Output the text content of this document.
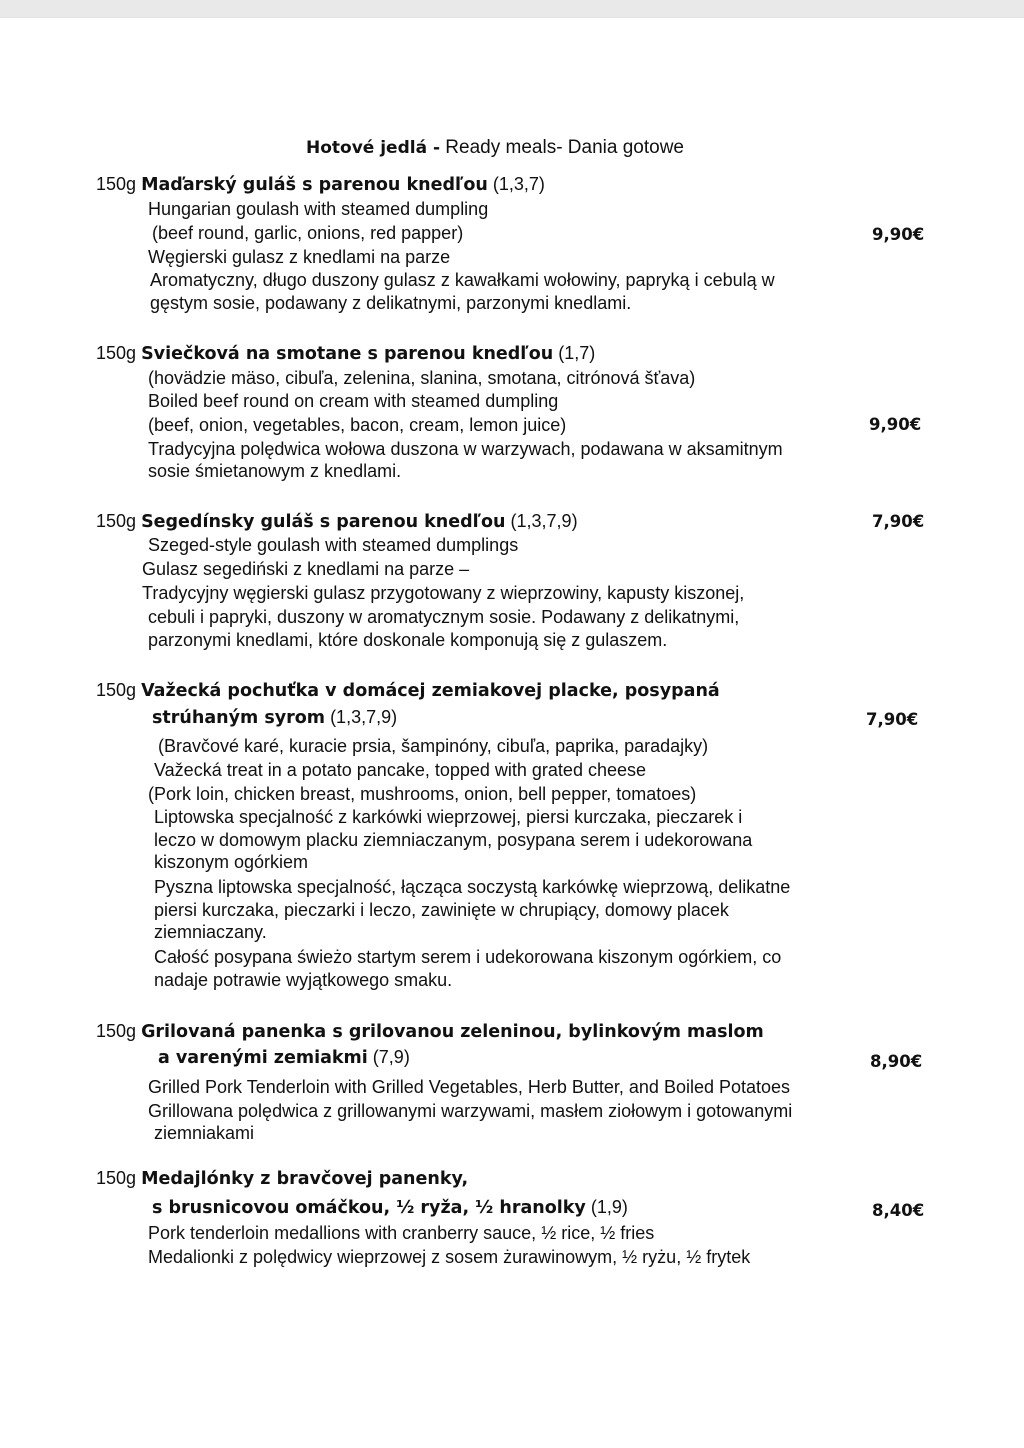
Hotové jedlá - Ready meals- Dania gotowe
150g Maďarský guláš s parenou knedľou (1,3,7)
Hungarian goulash with steamed dumpling
(beef round, garlic, onions, red papper)
Węgierski gulasz z knedlami na parze
Aromatyczny, długo duszony gulasz z kawałkami wołowiny, papryką i cebulą w
gęstym sosie, podawany z delikatnymi, parzonymi knedlami.
9,90€
150g Sviečková na smotane s parenou knedľou (1,7)
(hovädzie mäso, cibuľa, zelenina, slanina, smotana, citrónová šťava)
Boiled beef round on cream with steamed dumpling
(beef, onion, vegetables, bacon, cream, lemon juice)
Tradycyjna polędwica wołowa duszona w warzywach, podawana w aksamitnym
sosie śmietanowym z knedlami.
9,90€
150g Segedínsky guláš s parenou knedľou (1,3,7,9)	7,90€
Szeged-style goulash with steamed dumplings
Gulasz segediński z knedlami na parze –
Tradycyjny węgierski gulasz przygotowany z wieprzowiny, kapusty kiszonej,
cebuli i papryki, duszony w aromatycznym sosie. Podawany z delikatnymi,
parzonymi knedlami, które doskonale komponują się z gulaszem.
150g Važecká pochuťka v domácej zemiakovej placke, posypaná
strúhaným syrom (1,3,7,9)	7,90€
(Bravčové karé, kuracie prsia, šampinóny, cibuľa, paprika, paradajky)
Važecká treat in a potato pancake, topped with grated cheese
(Pork loin, chicken breast, mushrooms, onion, bell pepper, tomatoes)
Liptowska specjalność z karkówki wieprzowej, piersi kurczaka, pieczarek i
leczo w domowym placku ziemniaczanym, posypana serem i udekorowana
kiszonym ogórkiem
Pyszna liptowska specjalność, łącząca soczystą karkówkę wieprzową, delikatne
piersi kurczaka, pieczarki i leczo, zawinięte w chrupiący, domowy placek
ziemniaczany.
Całość posypana świeżo startym serem i udekorowana kiszonym ogórkiem, co
nadaje potrawie wyjątkowego smaku.
150g Grilovaná panenka s grilovanou zeleninou, bylinkovým maslom
a varenými zemiakmi (7,9)	8,90€
Grilled Pork Tenderloin with Grilled Vegetables, Herb Butter, and Boiled Potatoes
Grillowana polędwica z grillowanymi warzywami, masłem ziołowym i gotowanymi
ziemniakami
150g Medajlónky z bravčovej panenky,
s brusnicovou omáčkou, ½ ryža, ½ hranolky (1,9)	8,40€
Pork tenderloin medallions with cranberry sauce, ½ rice, ½ fries
Medalionki z polędwicy wieprzowej z sosem żurawinowym, ½ ryżu, ½ frytek
